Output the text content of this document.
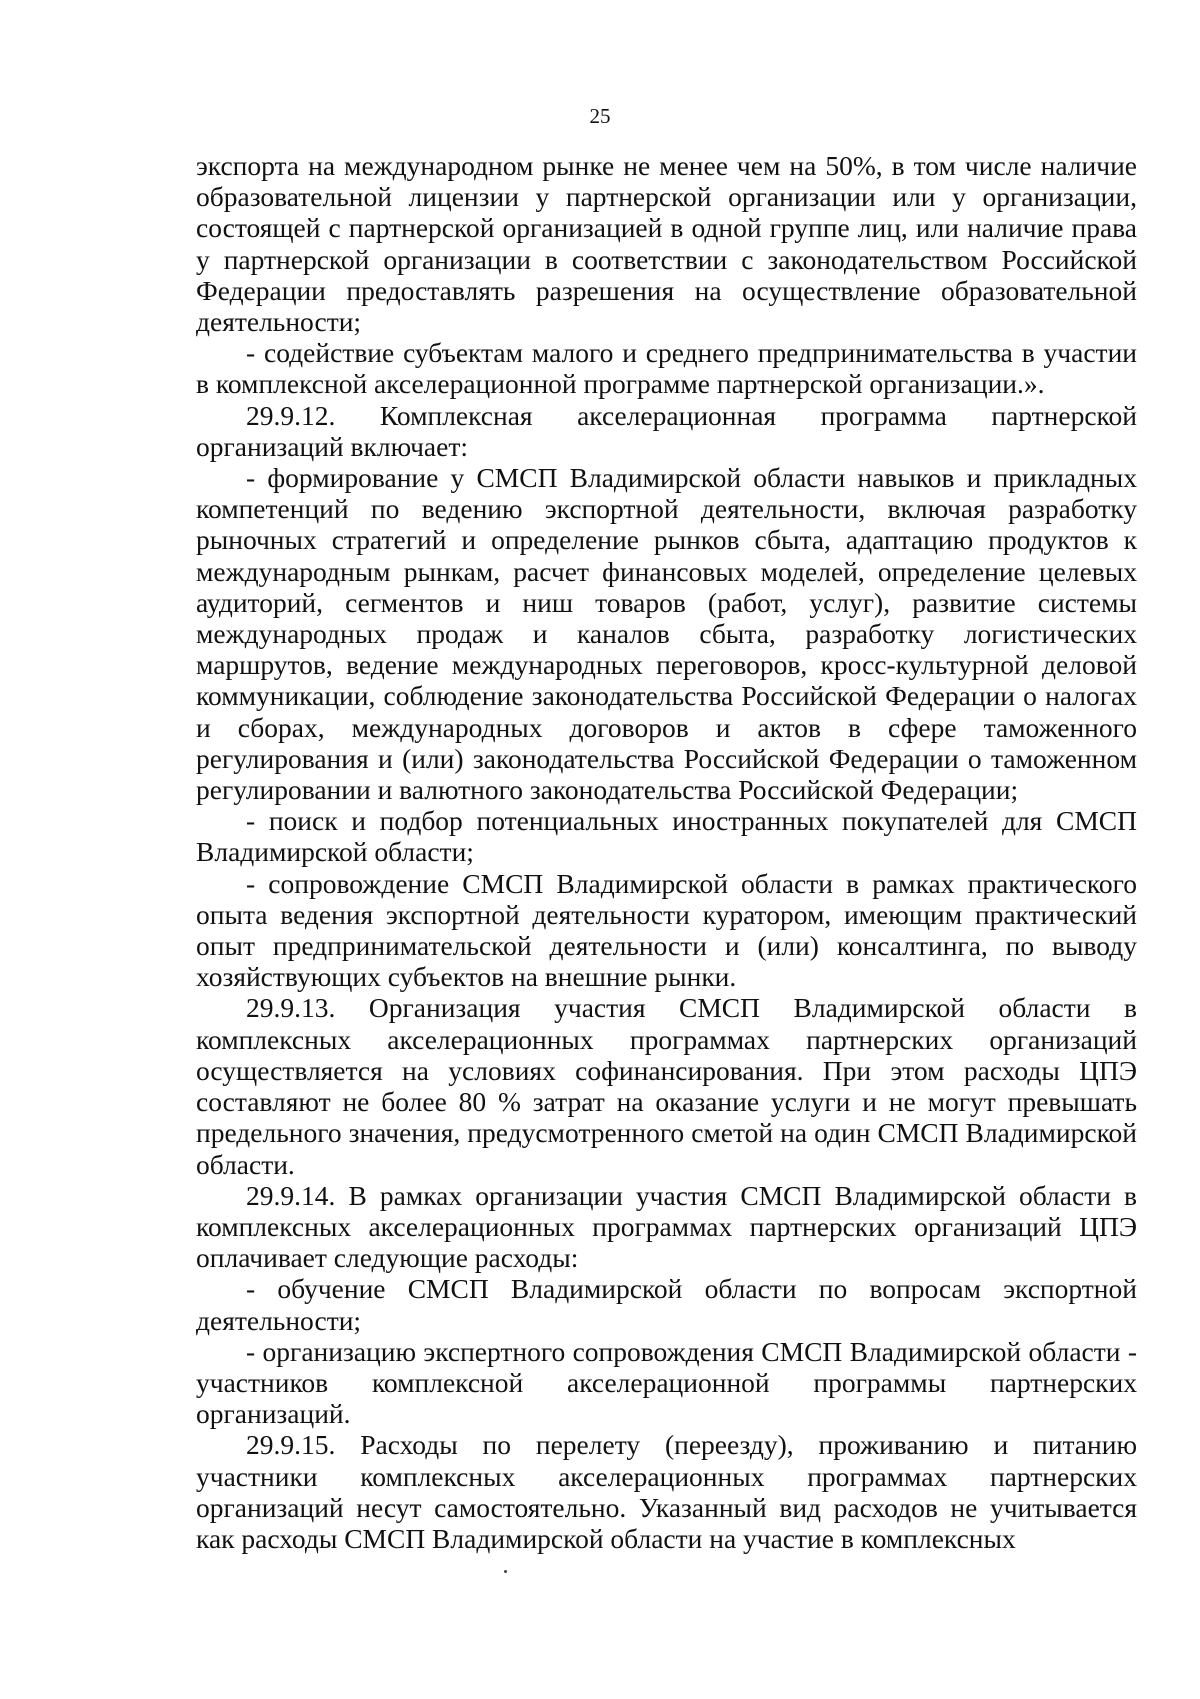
25

экспорта на международном рынке не менее чем на 50%, в том числе наличие образовательной лицензии у партнерской организации или у организации, состоящей с партнерской организацией в одной группе лиц, или наличие права у партнерской организации в соответствии с законодательством Российской Федерации предоставлять разрешения на осуществление образовательной деятельности;

- содействие субъектам малого и среднего предпринимательства в участии в комплексной акселерационной программе партнерской организации.».

29.9.12. Комплексная акселерационная программа партнерской организаций включает:

- формирование у СМСП Владимирской области навыков и прикладных компетенций по ведению экспортной деятельности, включая разработку рыночных стратегий и определение рынков сбыта, адаптацию продуктов к международным рынкам, расчет финансовых моделей, определение целевых аудиторий, сегментов и ниш товаров (работ, услуг), развитие системы международных продаж и каналов сбыта, разработку логистических маршрутов, ведение международных переговоров, кросс-культурной деловой коммуникации, соблюдение законодательства Российской Федерации о налогах и сборах, международных договоров и актов в сфере таможенного регулирования и (или) законодательства Российской Федерации о таможенном регулировании и валютного законодательства Российской Федерации;

- поиск и подбор потенциальных иностранных покупателей для СМСП Владимирской области;

- сопровождение СМСП Владимирской области в рамках практического опыта ведения экспортной деятельности куратором, имеющим практический опыт предпринимательской деятельности и (или) консалтинга, по выводу хозяйствующих субъектов на внешние рынки.

29.9.13. Организация участия СМСП Владимирской области в комплексных акселерационных программах партнерских организаций осуществляется на условиях софинансирования. При этом расходы ЦПЭ составляют не более 80 % затрат на оказание услуги и не могут превышать предельного значения, предусмотренного сметой на один СМСП Владимирской области.

29.9.14. В рамках организации участия СМСП Владимирской области в комплексных акселерационных программах партнерских организаций ЦПЭ оплачивает следующие расходы:

- обучение СМСП Владимирской области по вопросам экспортной деятельности;

- организацию экспертного сопровождения СМСП Владимирской области - участников комплексной акселерационной программы партнерских организаций.

29.9.15. Расходы по перелету (переезду), проживанию и питанию участники комплексных акселерационных программах партнерских организаций несут самостоятельно. Указанный вид расходов не учитывается как расходы СМСП Владимирской области на участие в комплексных
